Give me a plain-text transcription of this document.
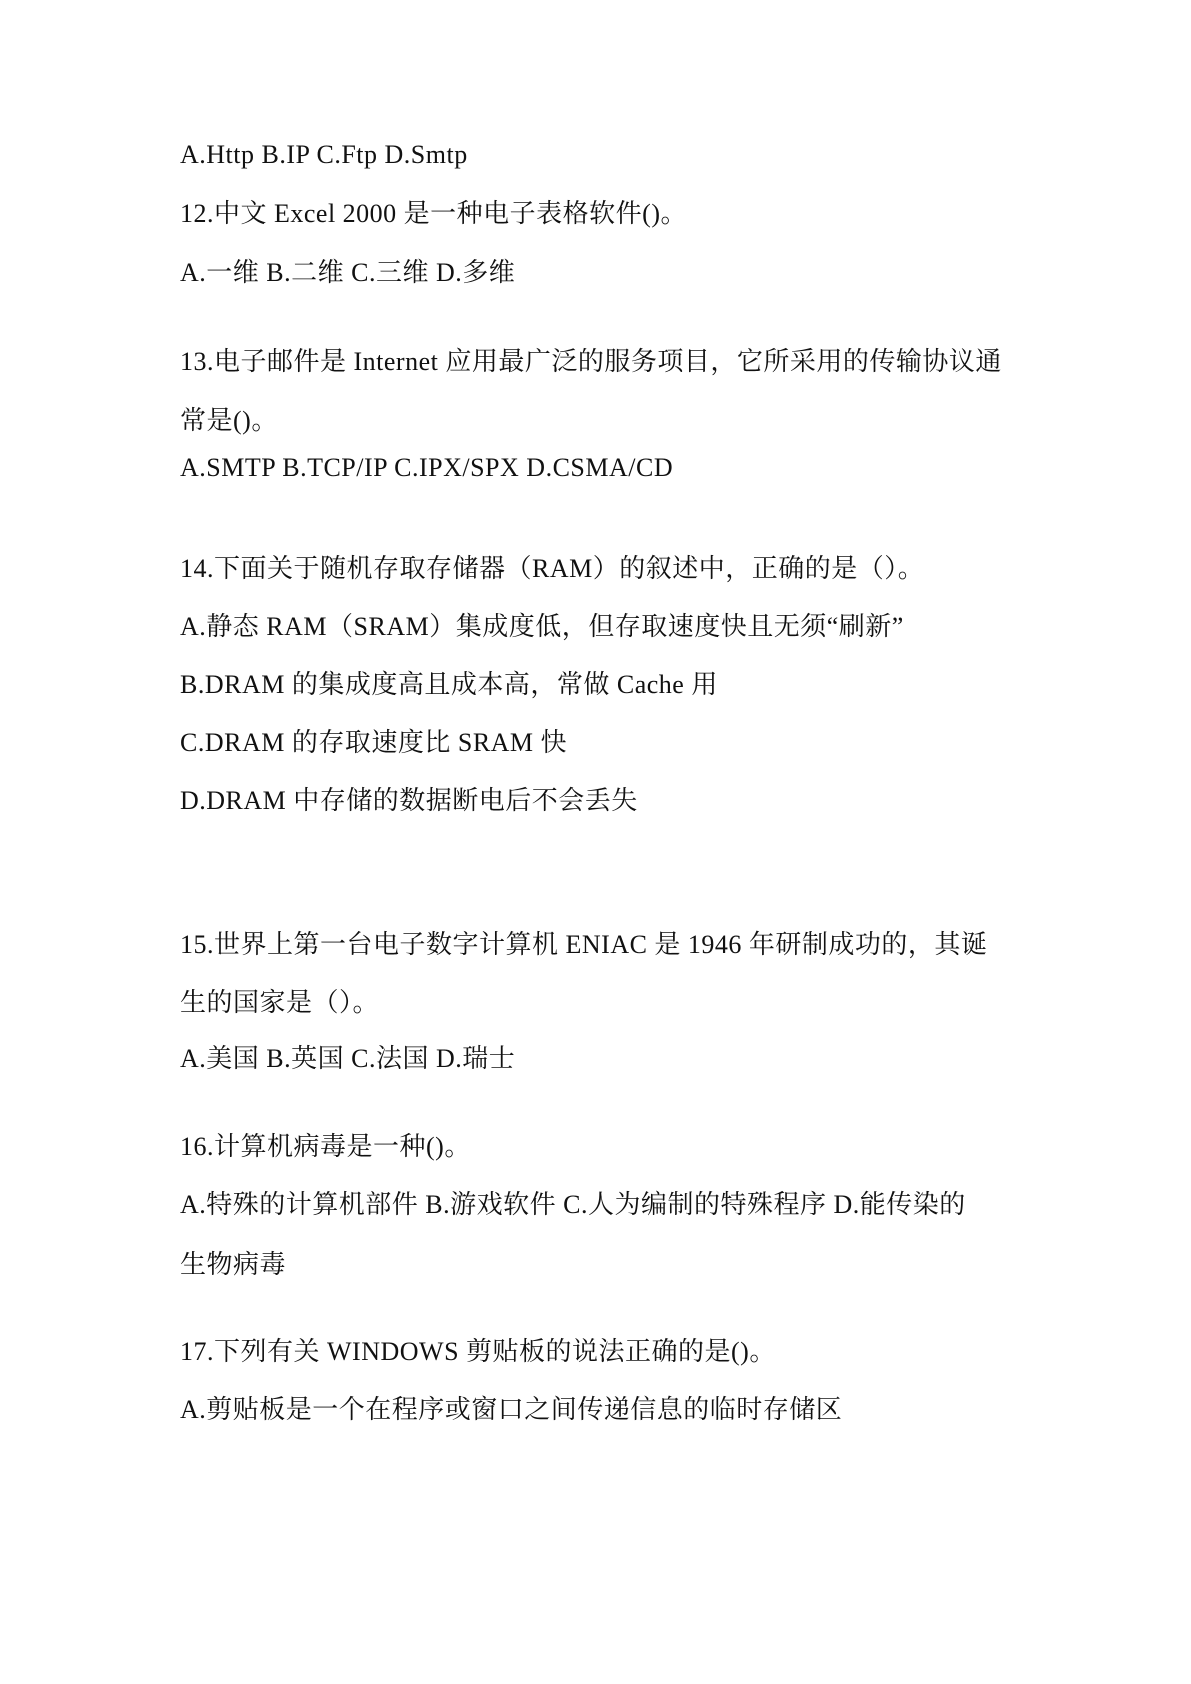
A.Http B.IP C.Ftp D.Smtp
12.中文 Excel 2000 是一种电子表格软件()。
A.一维 B.二维 C.三维 D.多维
13.电子邮件是 Internet 应用最广泛的服务项目，它所采用的传输协议通
常是()。
A.SMTP B.TCP/IP C.IPX/SPX D.CSMA/CD
14.下面关于随机存取存储器（RAM）的叙述中，正确的是（）。
A.静态 RAM（SRAM）集成度低，但存取速度快且无须“刷新”
B.DRAM 的集成度高且成本高，常做 Cache 用
C.DRAM 的存取速度比 SRAM 快
D.DRAM 中存储的数据断电后不会丢失
15.世界上第一台电子数字计算机 ENIAC 是 1946 年研制成功的，其诞
生的国家是（）。
A.美国 B.英国 C.法国 D.瑞士
16.计算机病毒是一种()。
A.特殊的计算机部件 B.游戏软件 C.人为编制的特殊程序 D.能传染的
生物病毒
17.下列有关 WINDOWS 剪贴板的说法正确的是()。
A.剪贴板是一个在程序或窗口之间传递信息的临时存储区
